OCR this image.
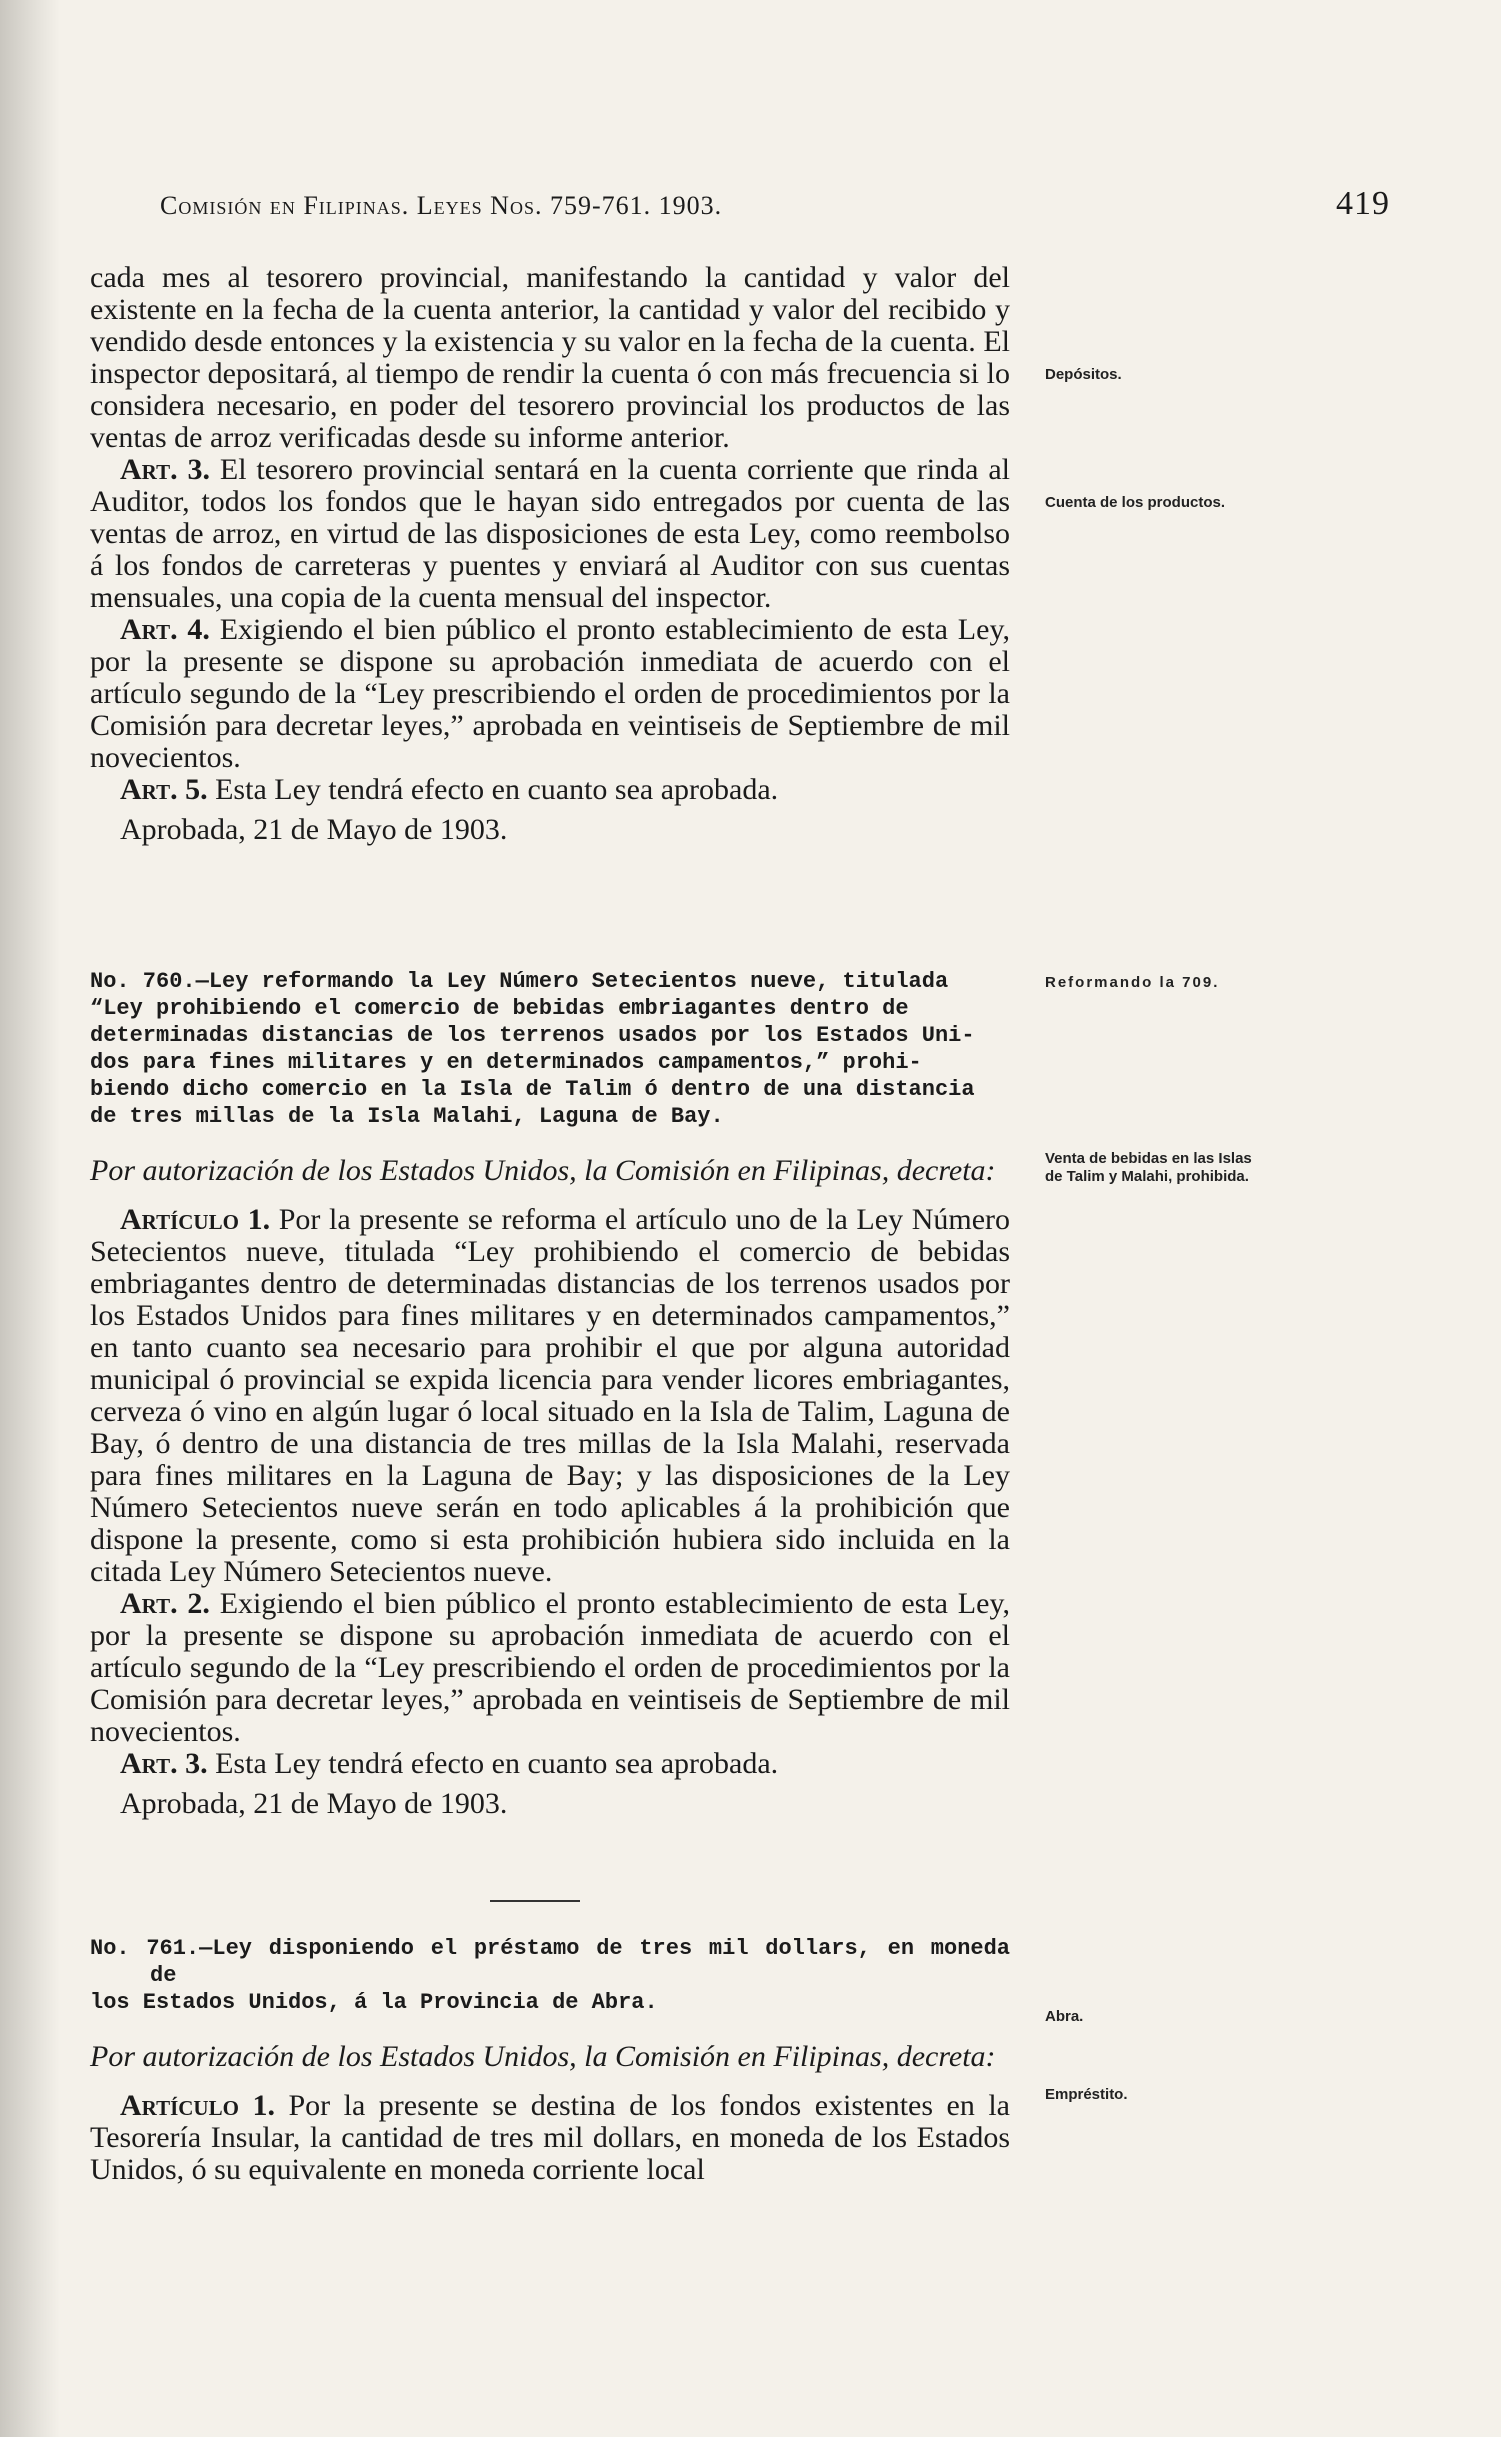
Comisión en Filipinas. Leyes Nos. 759-761. 1903.	419

cada mes al tesorero provincial, manifestando la cantidad y valor del existente en la fecha de la cuenta anterior, la cantidad y valor del recibido y vendido desde entonces y la existencia y su valor en la fecha de la cuenta. El inspector depositará, al tiempo de rendir la cuenta ó con más frecuencia si lo considera necesario, en poder del tesorero provincial los productos de las ventas de arroz verificadas desde su informe anterior.

Art. 3. El tesorero provincial sentará en la cuenta corriente que rinda al Auditor, todos los fondos que le hayan sido entregados por cuenta de las ventas de arroz, en virtud de las disposiciones de esta Ley, como reembolso á los fondos de carreteras y puentes y enviará al Auditor con sus cuentas mensuales, una copia de la cuenta mensual del inspector.

Art. 4. Exigiendo el bien público el pronto establecimiento de esta Ley, por la presente se dispone su aprobación inmediata de acuerdo con el artículo segundo de la “Ley prescribiendo el orden de procedimientos por la Comisión para decretar leyes,” aprobada en veintiseis de Septiembre de mil novecientos.

Art. 5. Esta Ley tendrá efecto en cuanto sea aprobada.

Aprobada, 21 de Mayo de 1903.

No. 760.—Ley reformando la Ley Número Setecientos nueve, titulada
“Ley prohibiendo el comercio de bebidas embriagantes dentro de
determinadas distancias de los terrenos usados por los Estados Uni-
dos para fines militares y en determinados campamentos,” prohi-
biendo dicho comercio en la Isla de Talim ó dentro de una distancia
de tres millas de la Isla Malahi, Laguna de Bay.

Por autorización de los Estados Unidos, la Comisión en Filipinas, decreta:

Artículo 1. Por la presente se reforma el artículo uno de la Ley Número Setecientos nueve, titulada “Ley prohibiendo el comercio de bebidas embriagantes dentro de determinadas distancias de los terrenos usados por los Estados Unidos para fines militares y en determinados campamentos,” en tanto cuanto sea necesario para prohibir el que por alguna autoridad municipal ó provincial se expida licencia para vender licores embriagantes, cerveza ó vino en algún lugar ó local situado en la Isla de Talim, Laguna de Bay, ó dentro de una distancia de tres millas de la Isla Malahi, reservada para fines militares en la Laguna de Bay; y las disposiciones de la Ley Número Setecientos nueve serán en todo aplicables á la prohibición que dispone la presente, como si esta prohibición hubiera sido incluida en la citada Ley Número Setecientos nueve.

Art. 2. Exigiendo el bien público el pronto establecimiento de esta Ley, por la presente se dispone su aprobación inmediata de acuerdo con el artículo segundo de la “Ley prescribiendo el orden de procedimientos por la Comisión para decretar leyes,” aprobada en veintiseis de Septiembre de mil novecientos.

Art. 3. Esta Ley tendrá efecto en cuanto sea aprobada.

Aprobada, 21 de Mayo de 1903.

No. 761.—Ley disponiendo el préstamo de tres mil dollars, en moneda de
los Estados Unidos, á la Provincia de Abra.

Por autorización de los Estados Unidos, la Comisión en Filipinas, decreta:

Artículo 1. Por la presente se destina de los fondos existentes en la Tesorería Insular, la cantidad de tres mil dollars, en moneda de los Estados Unidos, ó su equivalente en moneda corriente local

Depósitos.
Cuenta de los productos.
Reformando la 709.
Venta de bebidas en las Islas de Talim y Malahi, prohibida.
Abra.
Empréstito.
